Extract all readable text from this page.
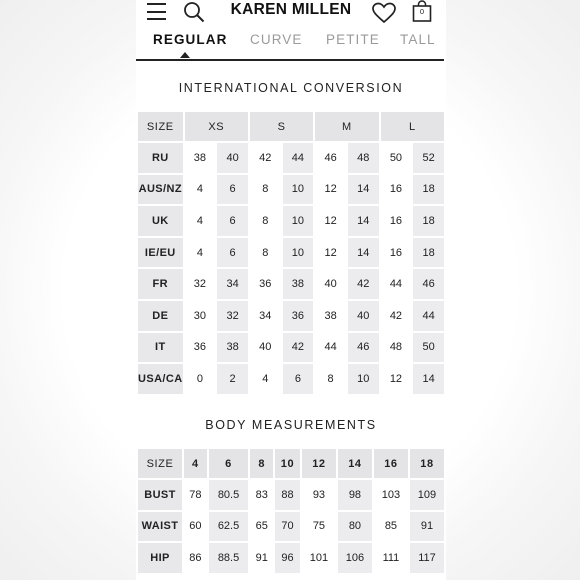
KAREN MILLEN	0
REGULAR CURVE PETITE TALL
INTERNATIONAL CONVERSION
SIZE	XS		S		M		L	
RU	38	40	42	44	46	48	50	52
AUS/NZ	4	6	8	10	12	14	16	18
UK	4	6	8	10	12	14	16	18
IE/EU	4	6	8	10	12	14	16	18
FR	32	34	36	38	40	42	44	46
DE	30	32	34	36	38	40	42	44
IT	36	38	40	42	44	46	48	50
USA/CA	0	2	4	6	8	10	12	14
BODY MEASUREMENTS
SIZE	4	6	8	10	12	14	16	18
BUST	78	80.5	83	88	93	98	103	109
WAIST	60	62.5	65	70	75	80	85	91
HIP	86	88.5	91	96	101	106	111	117
